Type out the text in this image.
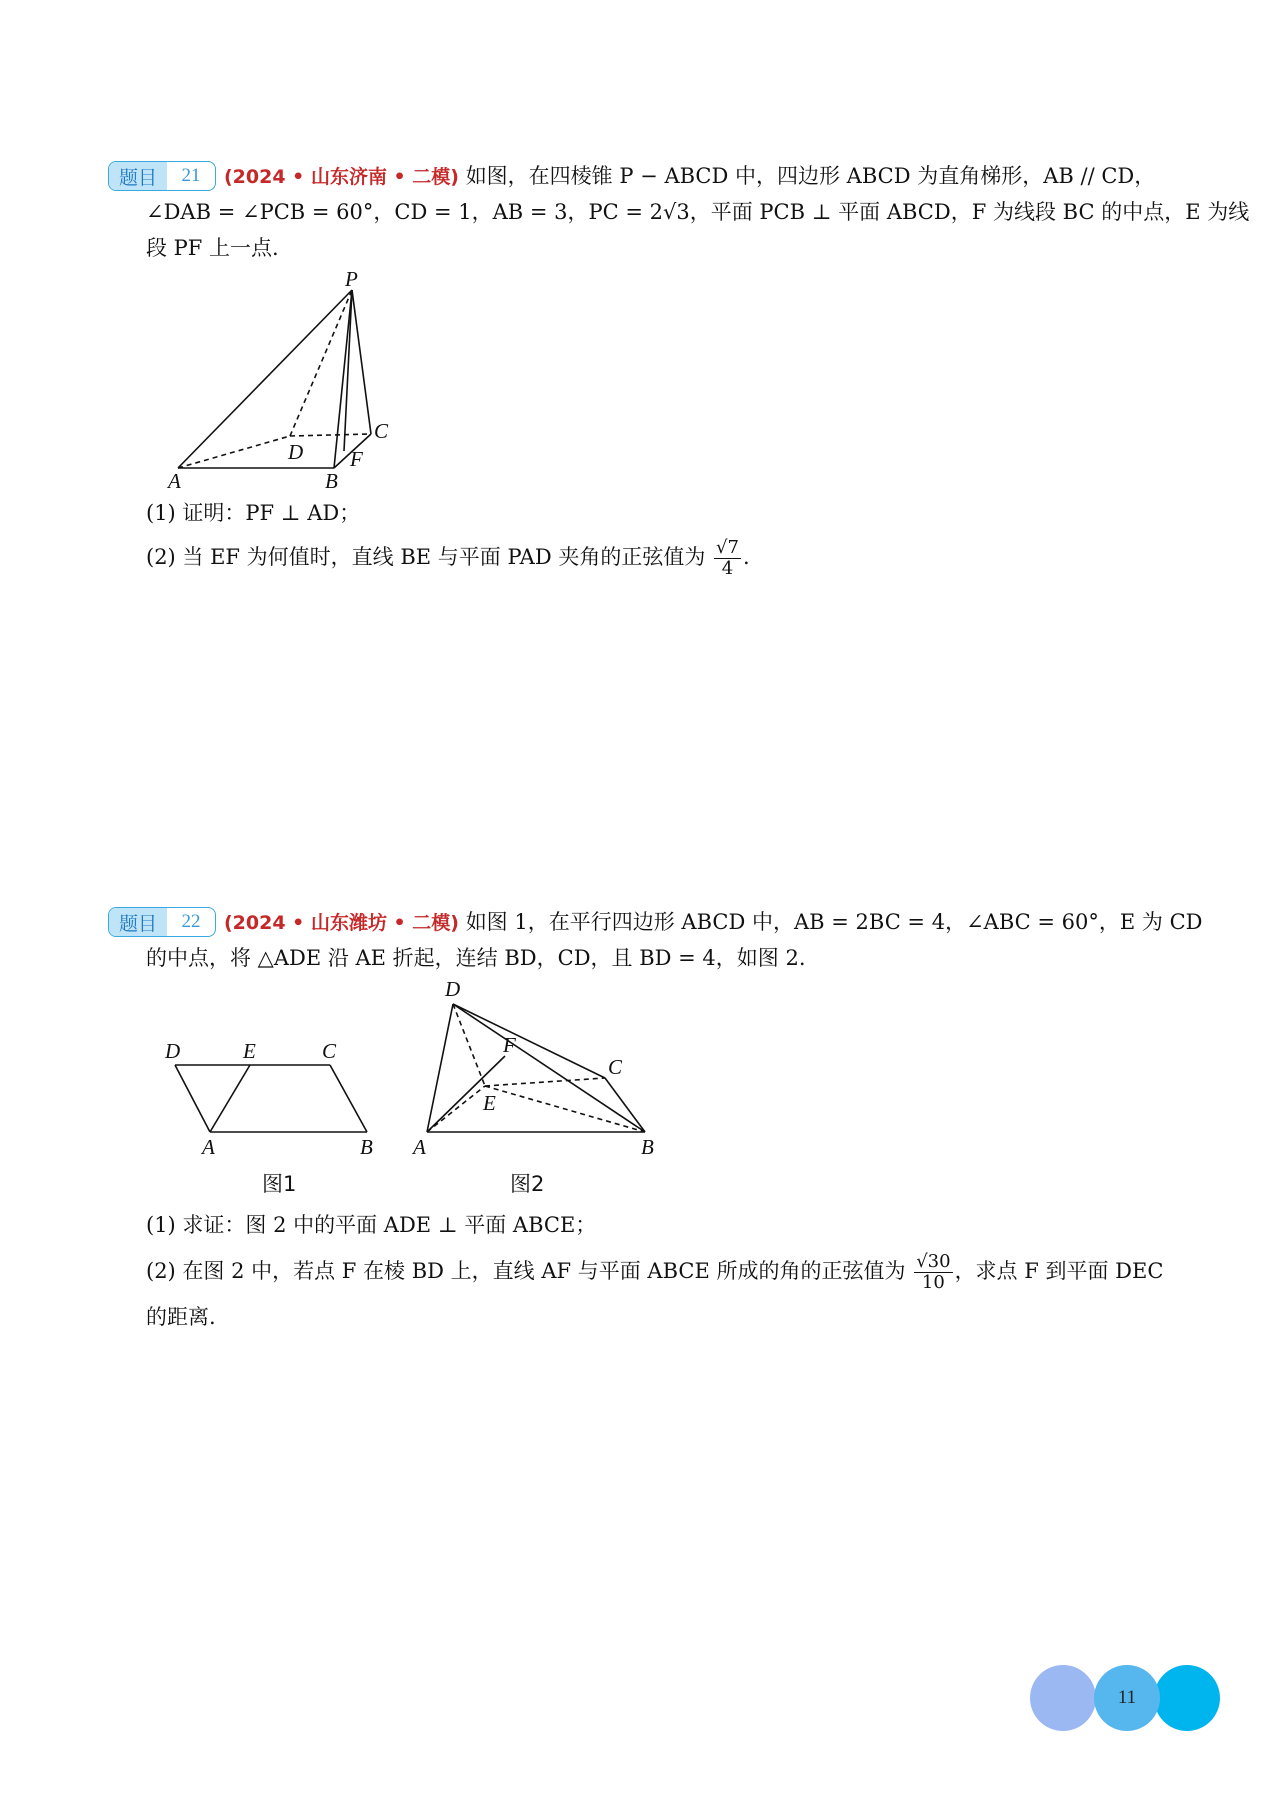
题目	21	(2024 • 山东济南 • 二模) 如图，在四棱锥 P − ABCD 中，四边形 ABCD 为直角梯形，AB // CD，
∠DAB = ∠PCB = 60°，CD = 1，AB = 3，PC = 2√3，平面 PCB ⊥ 平面 ABCD，F 为线段 BC 的中点，E 为线
段 PF 上一点.
P
D
C
F
A	B
(1) 证明：PF ⊥ AD；
(2) 当 EF 为何值时，直线 BE 与平面 PAD 夹角的正弦值为 $\frac{√7}{4}$ .
题目	22	(2024 • 山东潍坊 • 二模) 如图 1，在平行四边形 ABCD 中，AB = 2BC = 4，∠ABC = 60°，E 为 CD
的中点，将 △ADE 沿 AE 折起，连结 BD，CD，且 BD = 4，如图 2.
D	E	C
A	B
图1
D
F
C
E
A	B
图2
(1) 求证：图 2 中的平面 ADE ⊥ 平面 ABCE；
(2) 在图 2 中，若点 F 在棱 BD 上，直线 AF 与平面 ABCE 所成的角的正弦值为 $\frac{√30}{10}$ ，求点 F 到平面 DEC
的距离.
11
